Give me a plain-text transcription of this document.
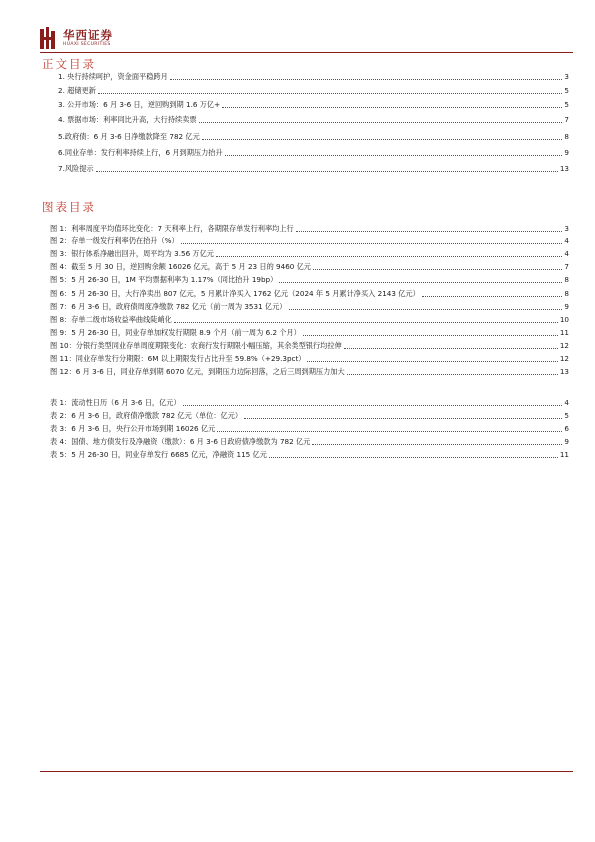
华西证券
HUAXI SECURITIES
正文目录
1. 央行持续呵护，资金面平稳跨月	3
2. 超储更新	5
3. 公开市场：6 月 3-6 日，逆回购到期 1.6 万亿+	5
4. 票据市场：利率同比升高，大行持续卖票	7
5.政府债：6 月 3-6 日净缴款降至 782 亿元	8
6.同业存单：发行利率持续上行，6 月到期压力抬升	9
7.风险提示	13
图表目录
图 1：利率周度平均值环比变化：7 天利率上行，各期限存单发行利率均上行	3
图 2：存单一级发行利率仍在抬升（%）	4
图 3：银行体系净融出回升，周平均为 3.56 万亿元	4
图 4：截至 5 月 30 日，逆回购余额 16026 亿元，高于 5 月 23 日的 9460 亿元	7
图 5：5 月 26-30 日，1M 平均票据利率为 1.17%（同比抬升 19bp）	8
图 6：5 月 26-30 日，大行净卖出 807 亿元，5 月累计净买入 1762 亿元（2024 年 5 月累计净买入 2143 亿元）	8
图 7：6 月 3-6 日，政府债周度净缴款 782 亿元（前一周为 3531 亿元）	9
图 8：存单二级市场收益率曲线陡峭化	10
图 9：5 月 26-30 日，同业存单加权发行期限 8.9 个月（前一周为 6.2 个月）	11
图 10：分银行类型同业存单周度期限变化：农商行发行期限小幅压缩，其余类型银行均拉伸	12
图 11：同业存单发行分期限：6M 以上期限发行占比升至 59.8%（+29.3pct）	12
图 12：6 月 3-6 日，同业存单到期 6070 亿元，到期压力边际回落，之后三周到期压力加大	13
表 1：流动性日历（6 月 3-6 日，亿元）	4
表 2：6 月 3-6 日，政府债净缴款 782 亿元（单位：亿元）	5
表 3：6 月 3-6 日，央行公开市场到期 16026 亿元	6
表 4：国债、地方债发行及净融资（缴款）：6 月 3-6 日政府债净缴款为 782 亿元	9
表 5：5 月 26-30 日，同业存单发行 6685 亿元，净融资 115 亿元	11
